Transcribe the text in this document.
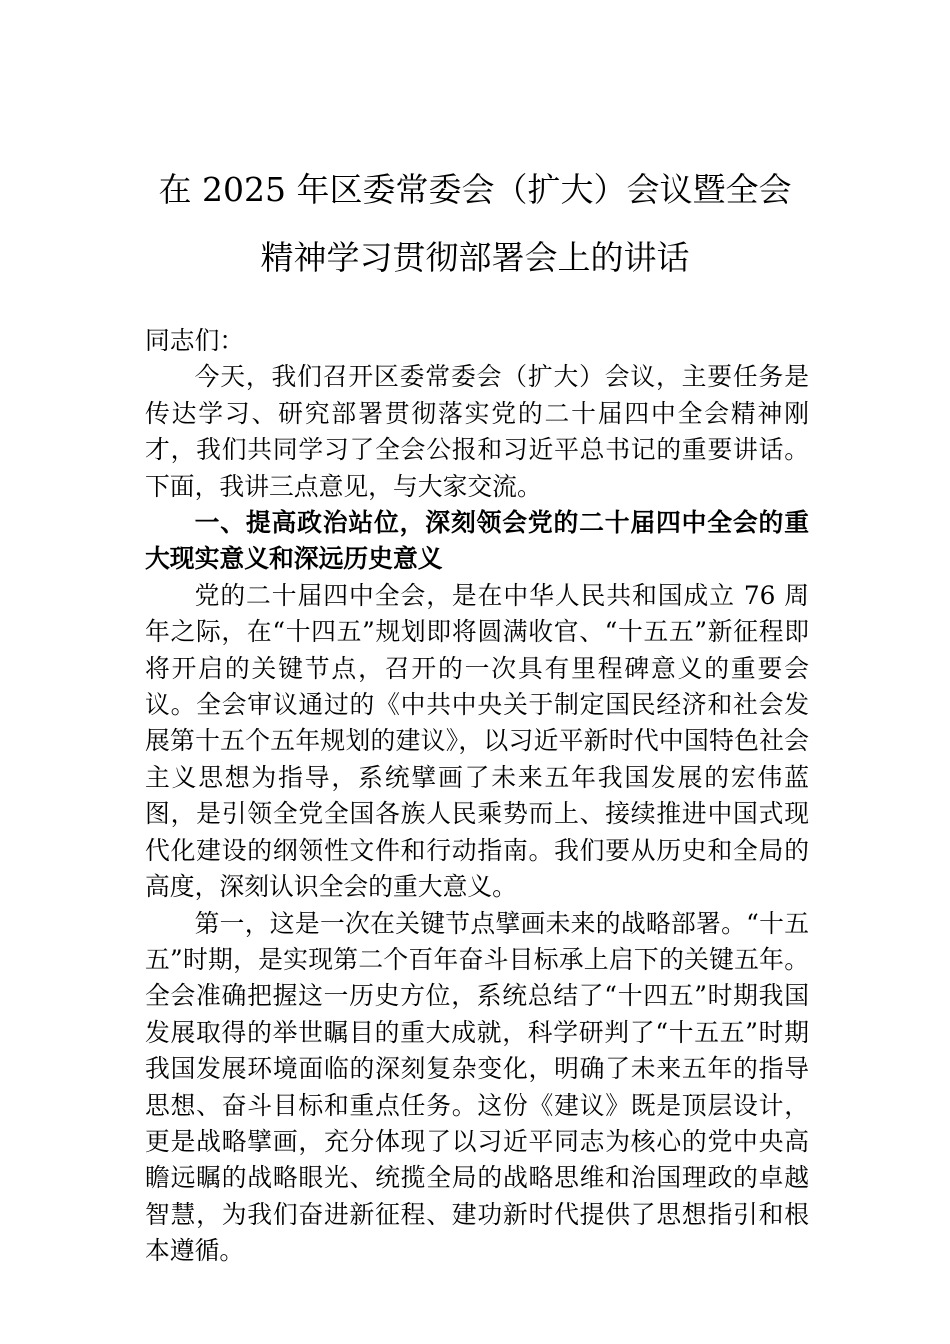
在 2025 年区委常委会（扩大）会议暨全会
精神学习贯彻部署会上的讲话

同志们：

今天，我们召开区委常委会（扩大）会议，主要任务是传达学习、研究部署贯彻落实党的二十届四中全会精神刚才，我们共同学习了全会公报和习近平总书记的重要讲话。下面，我讲三点意见，与大家交流。

一、提高政治站位，深刻领会党的二十届四中全会的重大现实意义和深远历史意义

党的二十届四中全会，是在中华人民共和国成立 76 周年之际，在“十四五”规划即将圆满收官、“十五五”新征程即将开启的关键节点，召开的一次具有里程碑意义的重要会议。全会审议通过的《中共中央关于制定国民经济和社会发展第十五个五年规划的建议》，以习近平新时代中国特色社会主义思想为指导，系统擘画了未来五年我国发展的宏伟蓝图，是引领全党全国各族人民乘势而上、接续推进中国式现代化建设的纲领性文件和行动指南。我们要从历史和全局的高度，深刻认识全会的重大意义。

第一，这是一次在关键节点擘画未来的战略部署。“十五五”时期，是实现第二个百年奋斗目标承上启下的关键五年。全会准确把握这一历史方位，系统总结了“十四五”时期我国发展取得的举世瞩目的重大成就，科学研判了“十五五”时期我国发展环境面临的深刻复杂变化，明确了未来五年的指导思想、奋斗目标和重点任务。这份《建议》既是顶层设计，更是战略擘画，充分体现了以习近平同志为核心的党中央高瞻远瞩的战略眼光、统揽全局的战略思维和治国理政的卓越智慧，为我们奋进新征程、建功新时代提供了思想指引和根本遵循。
